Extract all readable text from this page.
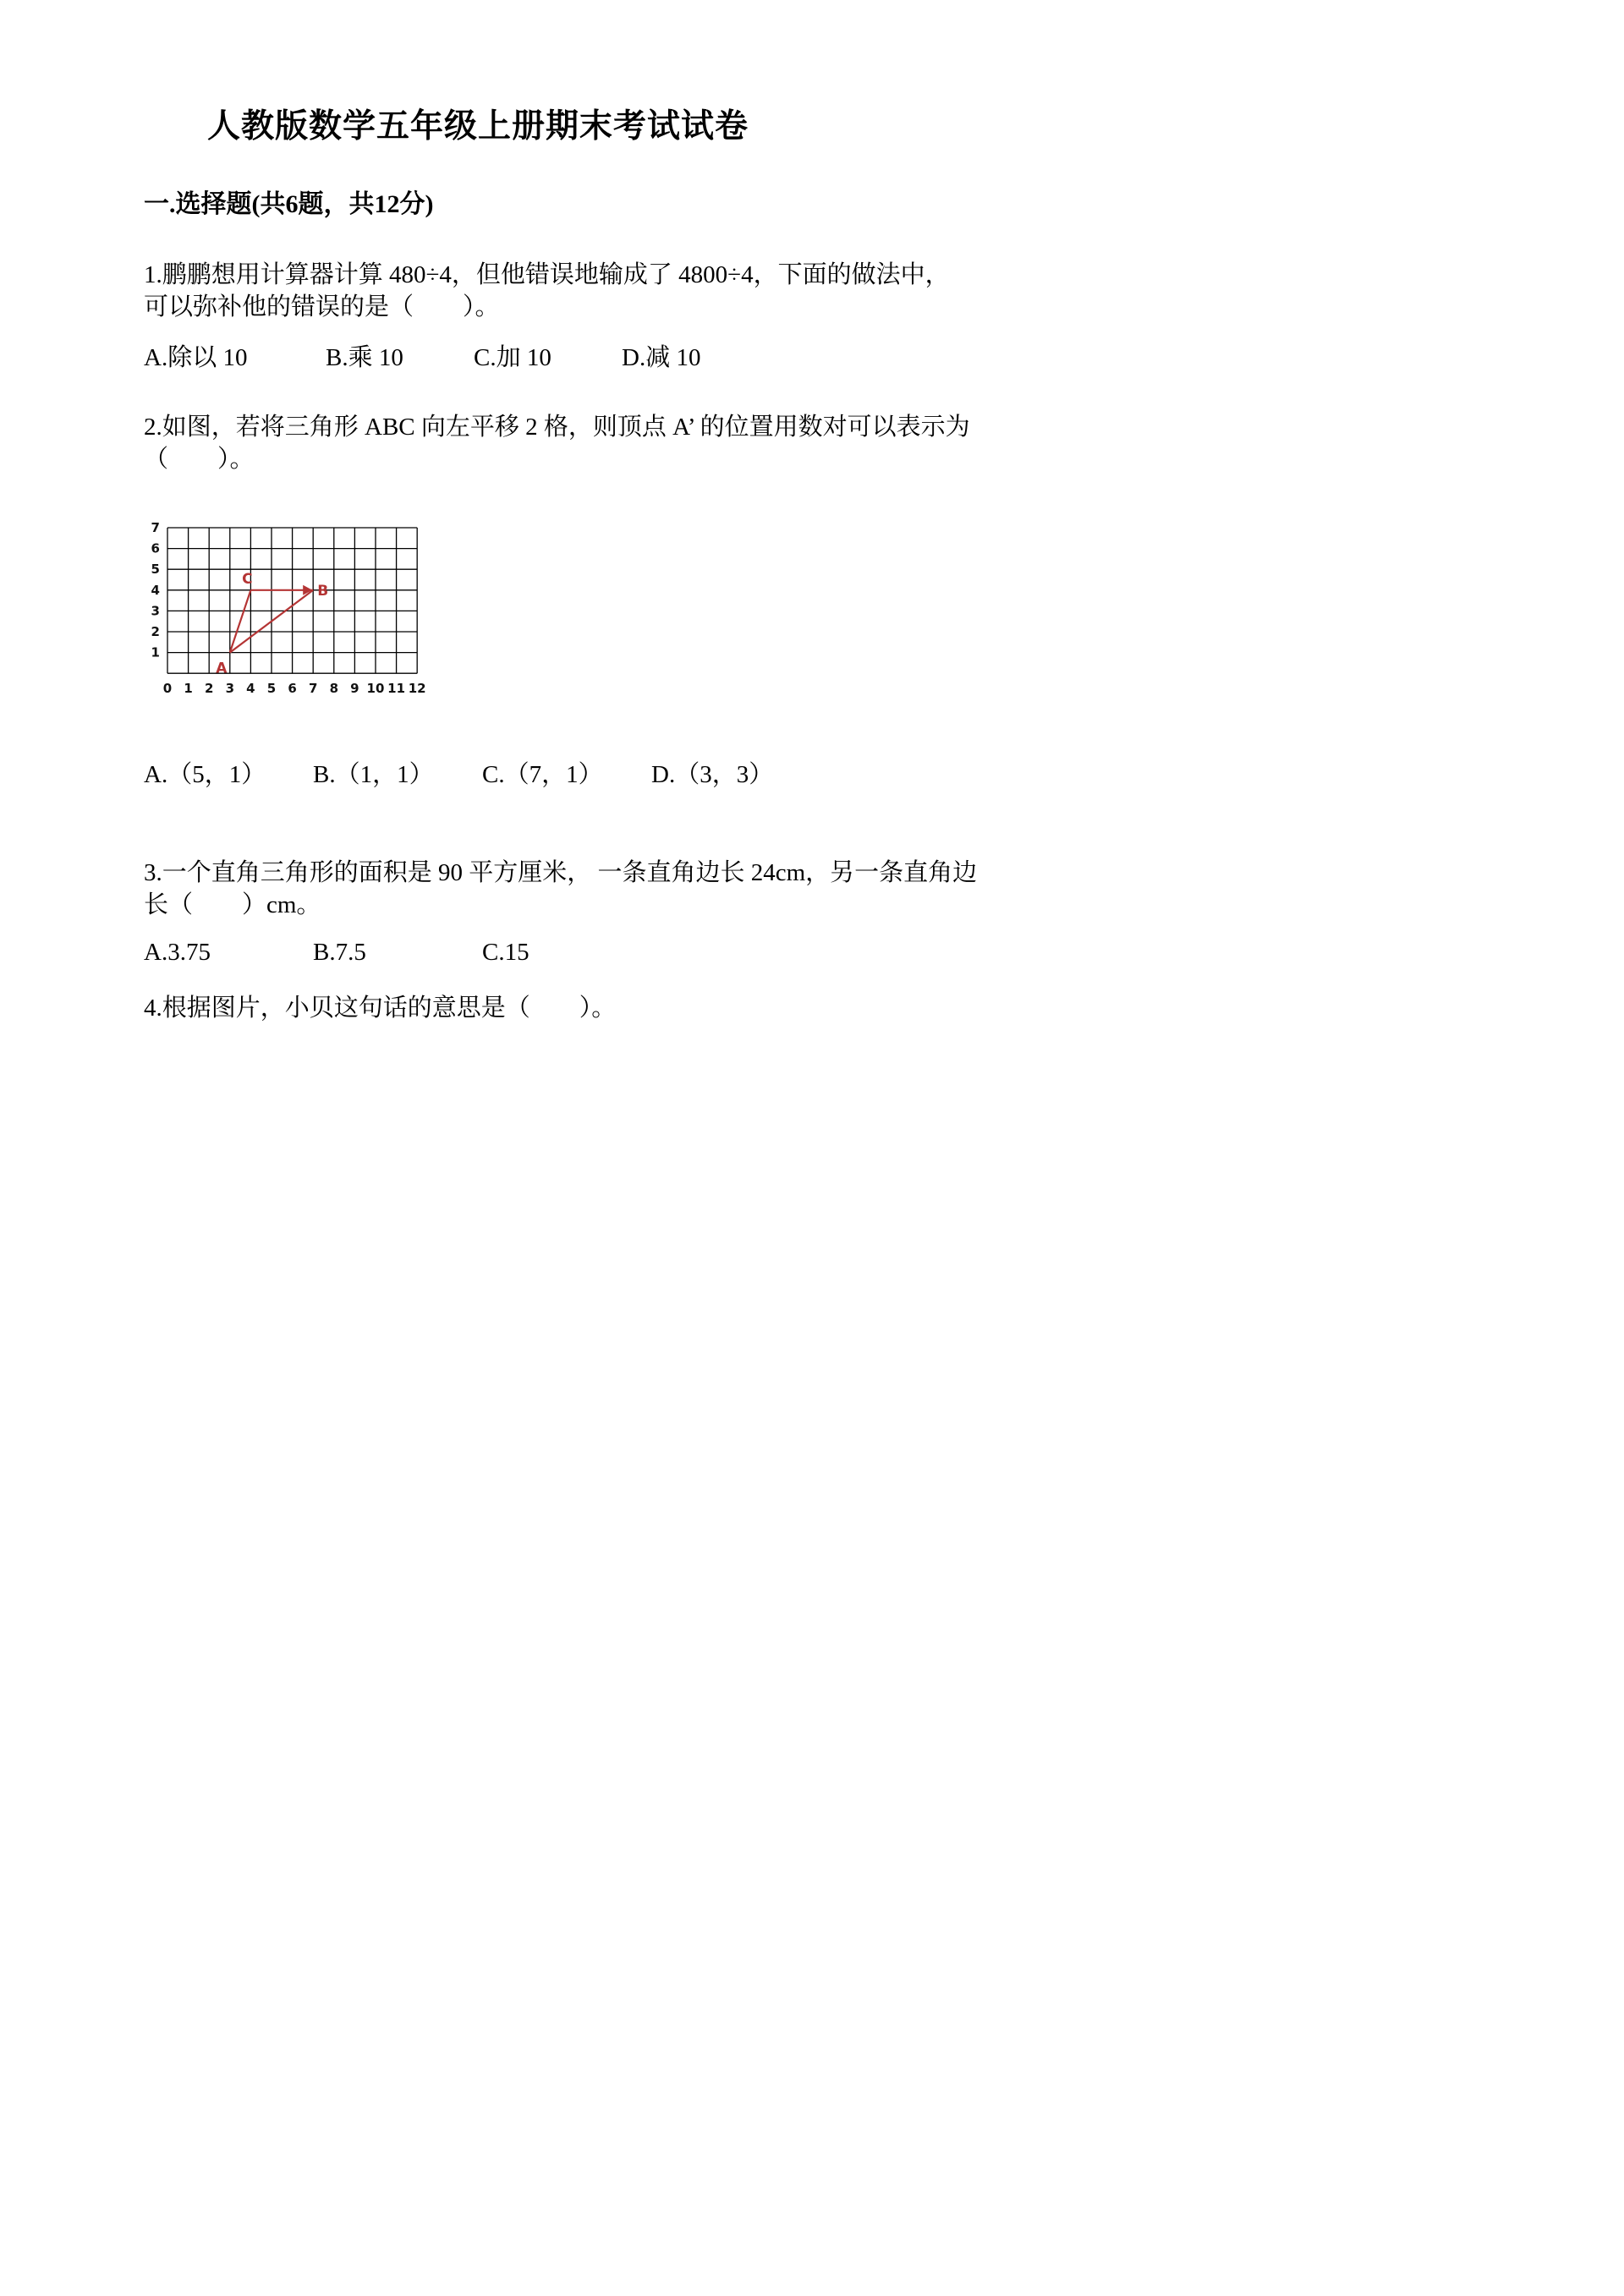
人教版数学五年级上册期末考试试卷
一.选择题(共6题，共12分)
1.鹏鹏想用计算器计算 480÷4，但他错误地输成了 4800÷4，下面的做法中，
可以弥补他的错误的是（　　）。
A.除以 10	B.乘 10	C.加 10	D.减 10
2.如图，若将三角形 ABC 向左平移 2 格，则顶点 A’ 的位置用数对可以表示为
（　　）。
0 1 2 3 4 5 6 7 8 9 10 11 12
1
2
3
4
5
6
7
A
B
C
A.（5，1）	B.（1，1）	C.（7，1）	D.（3，3）
3.一个直角三角形的面积是 90 平方厘米， 一条直角边长 24cm，另一条直角边
长（　　）cm。
A.3.75	B.7.5	C.15
4.根据图片，小贝这句话的意思是（　　）。
